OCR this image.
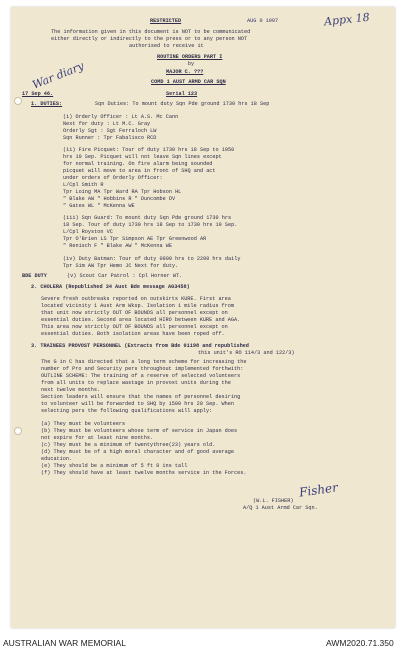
RESTRICTED	AUG 0 1997	Appx 18
The information given in this document is NOT to be communicated
either directly or indirectly to the press or to any person NOT
authorised to receive it
War diary
ROUTINE ORDERS PART I
by
MAJOR C. ???
COMD 1 AUST ARMD CAR SQN
17 Sep 46.	Serial 123
1. DUTIES:	Sqn Duties: To mount duty Sqn Pde ground 1730 hrs 18 Sep
(i) Orderly Officer : Lt A.S. Mc Cann
Next for duty : Lt M.C. Gray
Orderly Sgt : Sgt Ferraloch LW
Sqn Runner : Tpr Fabalisco RCD
(ii) Fire Picquet: Tour of duty 1730 hrs 18 Sep to 1950
hrs 19 Sep. Picquet will not leave Sqn lines except
for normal training. On fire alarm being sounded
picquet will move to area in front of SHQ and act
under orders of Orderly Officer:
L/Cpl Smith R
Tpr Loing MA Tpr Ward RA Tpr Hobson HL
" Blake AW " Hobbins R " Duncombe DV
" Gates WL " McKenna WE
(iii) Sqn Guard: To mount duty Sqn Pde ground 1730 hrs
18 Sep. Tour of duty 1730 hrs 18 Sep to 1730 hrs 19 Sep.
L/Cpl Royston VC
Tpr O'Brien LS Tpr Simpson AE Tpr Greenwood AR
" Renisch F " Blake AW " McKenna WE
(iv) Duty Batman: Tour of duty 0800 hrs to 2200 hrs daily
Tpr Sim AW Tpr Hemo JC Next for duty.
BDE DUTY	(v) Scout Car Patrol : Cpl Horner WT.
2. CHOLERA (Republished 34 Aust Bde message AG3458)
Severe fresh outbreaks reported on outskirts KURE. First area
located vicinity 1 Aust Arm Wksp. Isolation 1 mile radius from
that unit now strictly OUT OF BOUNDS all personnel except on
essential duties. Second area located HIRO between KURE and AGA.
This area now strictly OUT OF BOUNDS all personnel except on
essential duties. Both isolation areas have been roped off.
3. TRAINEES PROVOST PERSONNEL (Extracts from Bde 01198 and republished
this unit's RO 114/3 and 122/3)
The G in C has directed that a long term scheme for increasing the
number of Pro and Security pers throughout implemented forthwith:
OUTLINE SCHEME: The training of a reserve of selected volunteers
from all units to replace wastage in provost units during the
next twelve months.
Section leaders will ensure that the names of personnel desiring
to volunteer will be forwarded to SHQ by 1500 hrs 20 Sep. When
selecting pers the following qualifications will apply:
(a) They must be volunteers
(b) They must be volunteers whose term of service in Japan does
not expire for at least nine months.
(c) They must be a minimum of twentythree(23) years old.
(d) They must be of a high moral character and of good average
education.
(e) They should be a minimum of 5 ft 8 ins tall
(f) They should have at least twelve months service in the Forces.
Fisher
(W.L. FISHER)
A/Q 1 Aust Armd Car Sqn.
AUSTRALIAN WAR MEMORIAL	AWM2020.71.350
